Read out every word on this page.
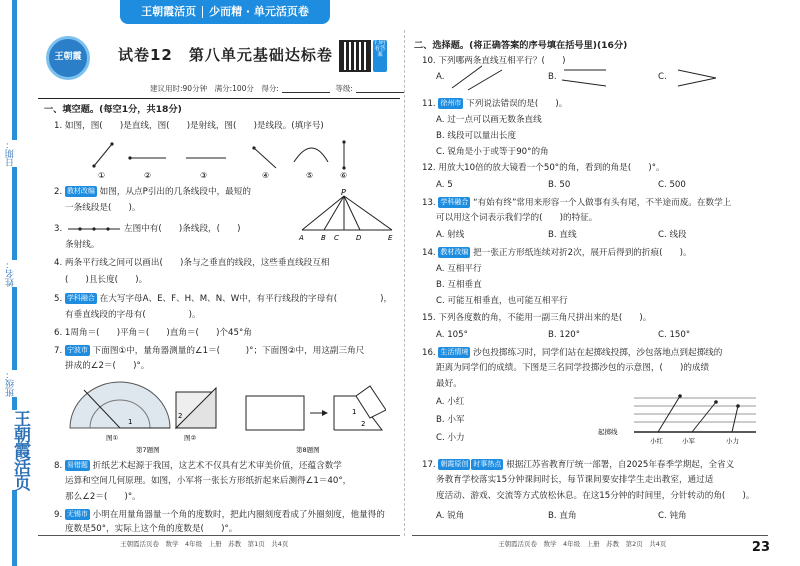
日期：
姓名：
班级：
王朝霞活页
王朝霞活页 少而精 · 单元活页卷
王朝霞 试卷12　第八单元基础达标卷
扫码看答案
建议用时:90分钟　满分:100分　得分:	等级:
一、填空题。(每空1分，共18分)
1. 如图，图(　　)是直线，图(　　)是射线，图(　　)是线段。(填序号)
①	②	③	④	⑤	⑥
2. 教材改编 如图，从点P引出的几条线段中，最短的
一条线段是(　　)。
P
A B C D	E
3.	左图中有(　　)条线段，(　　)
条射线。
4. 两条平行线之间可以画出(　　)条与之垂直的线段，这些垂直线段互相
(　　)且长度(　　)。
5. 学科融合 在大写字母A、E、F、H、M、N、W中，有平行线段的字母有(　　　　　)，
有垂直线段的字母有(　　　　　)。
6. 1周角＝(　　)平角＝(　　)直角＝(　　)个45°角
7. 宁波市 下面图①中，量角器测量的∠1＝(　　　)°；下面图②中，用这副三角尺
拼成的∠2＝(　　)°。
1
2	1
2
图①	图②
第7题图	第8题图
8. 易错题 折纸艺术起源于我国，这艺术不仅具有艺术审美价值，还蕴含数学
运算和空间几何原理。如图，小军将一张长方形纸折起来后测得∠1＝40°，
那么∠2＝(　　)°。
9. 无锡市 小明在用量角器量一个角的度数时，把此内圈刻度看成了外圈刻度，他量得的
度数是50°，实际上这个角的度数是(　　)°。
王朝霞活页卷　数学　4年级　上册　苏教　第1页　共4页
二、选择题。(将正确答案的序号填在括号里)(16分)
10. 下列哪两条直线互相平行？(　　)
A.	B.	C.
11. 徐州市 下列说法错误的是(　　)。
A. 过一点可以画无数条直线
B. 线段可以量出长度
C. 锐角是小于或等于90°的角
12. 用放大10倍的放大镜看一个50°的角，看到的角是(　　)°。
A. 5	B. 50	C. 500
13. 学科融合 “有始有终”常用来形容一个人做事有头有尾，不半途而废。在数学上
可以用这个词表示我们学的(　　)的特征。
A. 射线	B. 直线	C. 线段
14. 教材改编 把一张正方形纸连续对折2次，展开后得到的折痕(　　)。
A. 互相平行
B. 互相垂直
C. 可能互相垂直，也可能互相平行
15. 下列各度数的角，不能用一副三角尺拼出来的是(　　)。
A. 105°	B. 120°	C. 150°
16. 生活情境 沙包投掷练习时，同学们站在起掷线投掷，沙包落地点到起掷线的
距离为同学们的成绩。下图是三名同学投掷沙包的示意图，(　　)的成绩
最好。
A. 小红
B. 小军
C. 小力
起掷线
小红	小军	小力
17. 朝霞原创 时事热点 根据江苏省教育厅统一部署，自2025年春季学期起，全省义
务教育学校落实15分钟课间时长，每节课间要安排学生走出教室，通过适
度活动、游戏、交流等方式放松休息。在这15分钟的时间里，分针转动的角(　　)。
A. 锐角	B. 直角	C. 钝角
王朝霞活页卷　数学　4年级　上册　苏教　第2页　共4页	23
